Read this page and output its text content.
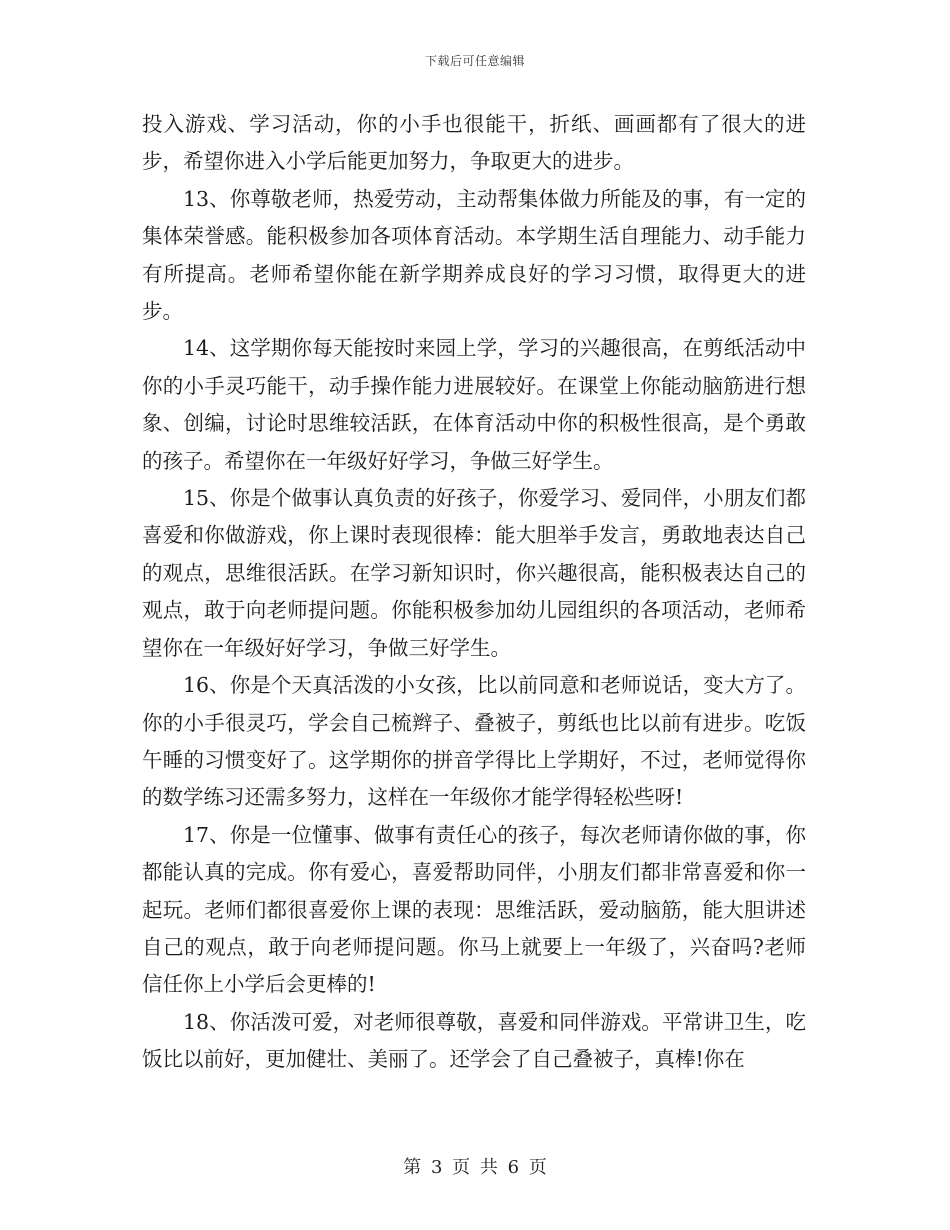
下载后可任意编辑

投入游戏、学习活动，你的小手也很能干，折纸、画画都有了很大的进步，希望你进入小学后能更加努力，争取更大的进步。

13、你尊敬老师，热爱劳动，主动帮集体做力所能及的事，有一定的集体荣誉感。能积极参加各项体育活动。本学期生活自理能力、动手能力有所提高。老师希望你能在新学期养成良好的学习习惯，取得更大的进步。

14、这学期你每天能按时来园上学，学习的兴趣很高，在剪纸活动中你的小手灵巧能干，动手操作能力进展较好。在课堂上你能动脑筋进行想象、创编，讨论时思维较活跃，在体育活动中你的积极性很高，是个勇敢的孩子。希望你在一年级好好学习，争做三好学生。

15、你是个做事认真负责的好孩子，你爱学习、爱同伴，小朋友们都喜爱和你做游戏，你上课时表现很棒：能大胆举手发言，勇敢地表达自己的观点，思维很活跃。在学习新知识时，你兴趣很高，能积极表达自己的观点，敢于向老师提问题。你能积极参加幼儿园组织的各项活动，老师希望你在一年级好好学习，争做三好学生。

16、你是个天真活泼的小女孩，比以前同意和老师说话，变大方了。你的小手很灵巧，学会自己梳辫子、叠被子，剪纸也比以前有进步。吃饭午睡的习惯变好了。这学期你的拼音学得比上学期好，不过，老师觉得你的数学练习还需多努力，这样在一年级你才能学得轻松些呀!

17、你是一位懂事、做事有责任心的孩子，每次老师请你做的事，你都能认真的完成。你有爱心，喜爱帮助同伴，小朋友们都非常喜爱和你一起玩。老师们都很喜爱你上课的表现：思维活跃，爱动脑筋，能大胆讲述自己的观点，敢于向老师提问题。你马上就要上一年级了，兴奋吗?老师信任你上小学后会更棒的!

18、你活泼可爱，对老师很尊敬，喜爱和同伴游戏。平常讲卫生，吃饭比以前好，更加健壮、美丽了。还学会了自己叠被子，真棒!你在

第 3 页 共 6 页
